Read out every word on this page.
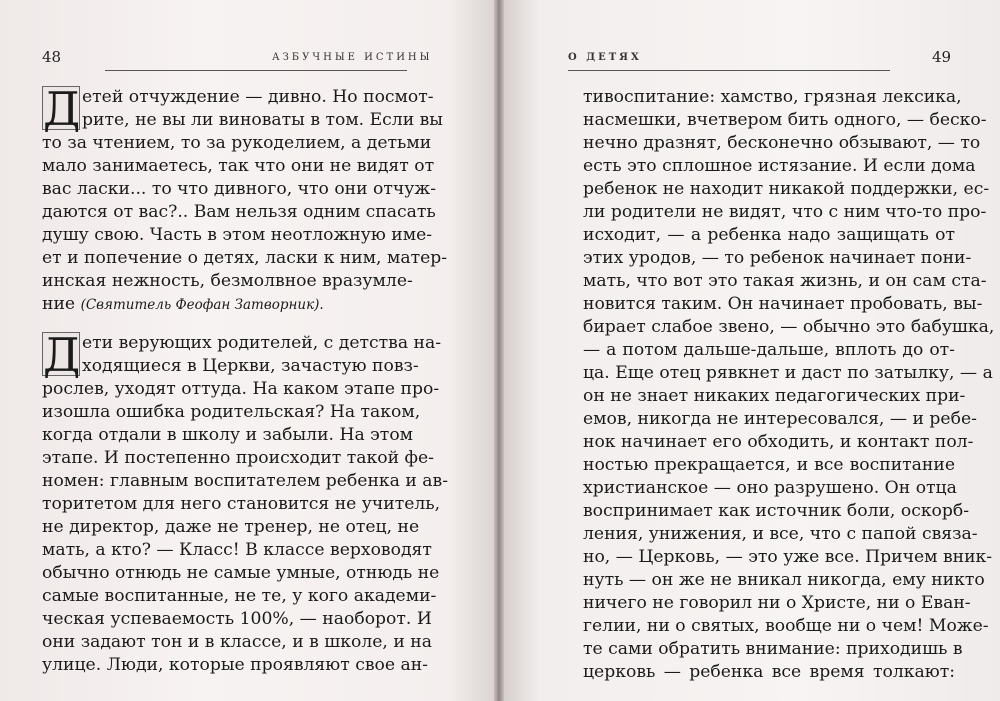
48	АЗБУЧНЫЕ ИСТИНЫ	О ДЕТЯХ	49
Д етей отчуждение — дивно. Но посмот-
рите, не вы ли виноваты в том. Если вы
то за чтением, то за рукоделием, а детьми
мало занимаетесь, так что они не видят от
вас ласки... то что дивного, что они отчуж-
даются от вас?.. Вам нельзя одним спасать
душу свою. Часть в этом неотложную име-
ет и попечение о детях, ласки к ним, матер-
инская нежность, безмолвное вразумле-
ние (Святитель Феофан Затворник).
Д ети верующих родителей, с детства на-
ходящиеся в Церкви, зачастую повз-
рослев, уходят оттуда. На каком этапе про-
изошла ошибка родительская? На таком,
когда отдали в школу и забыли. На этом
этапе. И постепенно происходит такой фе-
номен: главным воспитателем ребенка и ав-
торитетом для него становится не учитель,
не директор, даже не тренер, не отец, не
мать, а кто? — Класс! В классе верховодят
обычно отнюдь не самые умные, отнюдь не
самые воспитанные, не те, у кого академи-
ческая успеваемость 100%, — наоборот. И
они задают тон и в классе, и в школе, и на
улице. Люди, которые проявляют свое ан-
тивоспитание: хамство, грязная лексика,
насмешки, вчетвером бить одного, — беско-
нечно дразнят, бесконечно обзывают, — то
есть это сплошное истязание. И если дома
ребенок не находит никакой поддержки, ес-
ли родители не видят, что с ним что-то про-
исходит, — а ребенка надо защищать от
этих уродов, — то ребенок начинает пони-
мать, что вот это такая жизнь, и он сам ста-
новится таким. Он начинает пробовать, вы-
бирает слабое звено, — обычно это бабушка,
— а потом дальше-дальше, вплоть до от-
ца. Еще отец рявкнет и даст по затылку, — а
он не знает никаких педагогических при-
емов, никогда не интересовался, — и ребе-
нок начинает его обходить, и контакт пол-
ностью прекращается, и все воспитание
христианское — оно разрушено. Он отца
воспринимает как источник боли, оскорб-
ления, унижения, и все, что с папой связа-
но, — Церковь, — это уже все. Причем вник-
нуть — он же не вникал никогда, ему никто
ничего не говорил ни о Христе, ни о Еван-
гелии, ни о святых, вообще ни о чем! Може-
те сами обратить внимание: приходишь в
церковь — ребенка все время толкают:
